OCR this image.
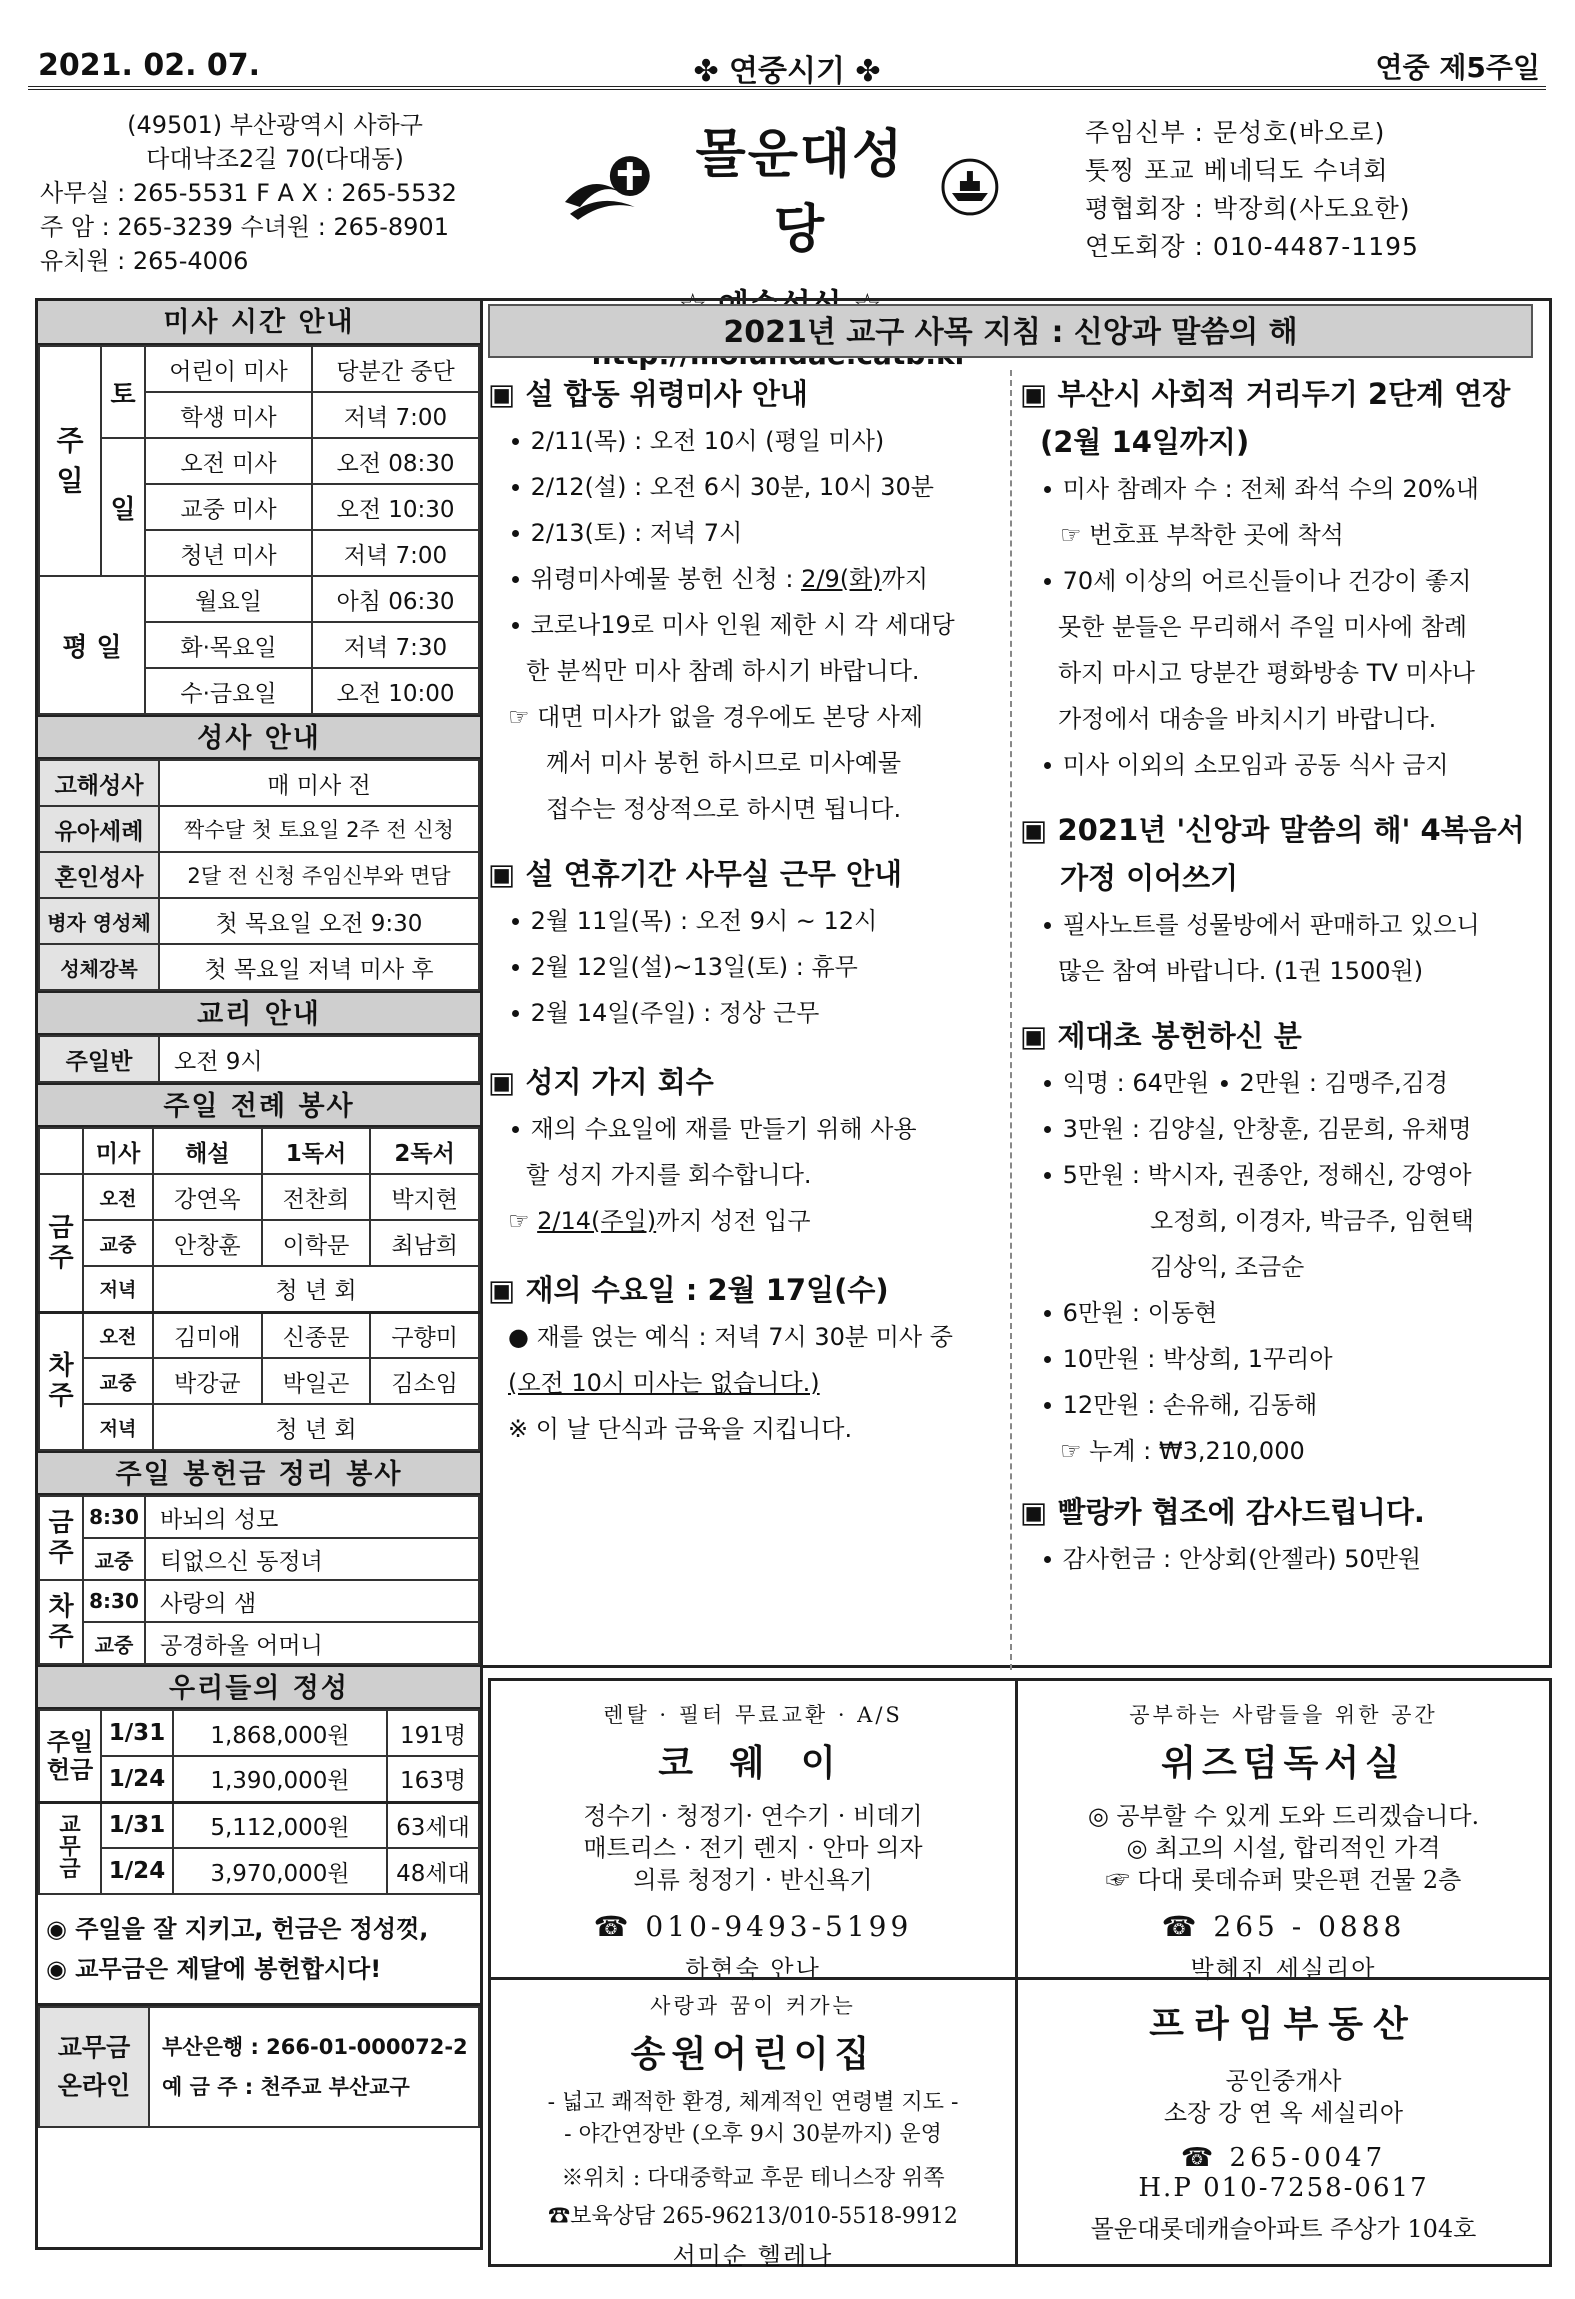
2021. 02. 07.	✤ 연중시기 ✤	연중 제5주일
(49501) 부산광역시 사하구
다대낙조2길 70(다대동)
사무실 : 265-5531 F A X : 265-5532
주 암 : 265-3239 수녀원 : 265-8901
유치원 : 265-4006
몰운대성당
주임신부 : 문성호(바오로)
툿찡 포교 베네딕도 수녀회
평협회장 : 박장희(사도요한)
연도회장 : 010-4487-1195
미사 시간 안내
주
일	토	어린이 미사	당분간 중단
		학생 미사	저녁 7:00
	일	오전 미사	오전 08:30
		교중 미사	오전 10:30
		청년 미사	저녁 7:00
평 일		월요일	아침 06:30
		화·목요일	저녁 7:30
		수·금요일	오전 10:00
성사 안내
고해성사	매 미사 전
유아세례	짝수달 첫 토요일 2주 전 신청
혼인성사	2달 전 신청 주임신부와 면담
병자 영성체	첫 목요일 오전 9:30
성체강복	첫 목요일 저녁 미사 후
교리 안내
주일반	오전 9시
주일 전례 봉사
	미사	해설	1독서	2독서
금
주	오전	강연옥	전찬희	박지현
	교중	안창훈	이학문	최남희
	저녁	청 년 회		
차
주	오전	김미애	신종문	구향미
	교중	박강균	박일곤	김소임
	저녁	청 년 회		
주일 봉헌금 정리 봉사
금
주	8:30	바뇌의 성모
	교중	티없으신 동정녀
차
주	8:30	사랑의 샘
	교중	공경하올 어머니
우리들의 정성
주일
헌금	1/31	1,868,000원	191명
	1/24	1,390,000원	163명
교
무
금	1/31	5,112,000원	63세대
	1/24	3,970,000원	48세대
◉ 주일을 잘 지키고, 헌금은 정성껏,
◉ 교무금은 제달에 봉헌합시다!
교무금
온라인	
부산은행 : 266-01-000072-2
예 금 주 : 천주교 부산교구
2021년 교구 사목 지침 : 신앙과 말씀의 해
▣ 설 합동 위령미사 안내
∙ 2/11(목) : 오전 10시 (평일 미사)
∙ 2/12(설) : 오전 6시 30분, 10시 30분
∙ 2/13(토) : 저녁 7시
∙ 위령미사예물 봉헌 신청 : 2/9(화)까지
∙ 코로나19로 미사 인원 제한 시 각 세대당
한 분씩만 미사 참례 하시기 바랍니다.
☞ 대면 미사가 없을 경우에도 본당 사제
께서 미사 봉헌 하시므로 미사예물
접수는 정상적으로 하시면 됩니다.
▣ 설 연휴기간 사무실 근무 안내
∙ 2월 11일(목) : 오전 9시 ~ 12시
∙ 2월 12일(설)~13일(토) : 휴무
∙ 2월 14일(주일) : 정상 근무
▣ 성지 가지 회수
∙ 재의 수요일에 재를 만들기 위해 사용
할 성지 가지를 회수합니다.
☞ 2/14(주일)까지 성전 입구
▣ 재의 수요일 : 2월 17일(수)
● 재를 얹는 예식 : 저녁 7시 30분 미사 중
(오전 10시 미사는 없습니다.)
※ 이 날 단식과 금육을 지킵니다.
▣ 부산시 사회적 거리두기 2단계 연장
(2월 14일까지)
∙ 미사 참례자 수 : 전체 좌석 수의 20%내
☞ 번호표 부착한 곳에 착석
∙ 70세 이상의 어르신들이나 건강이 좋지
못한 분들은 무리해서 주일 미사에 참례
하지 마시고 당분간 평화방송 TV 미사나
가정에서 대송을 바치시기 바랍니다.
∙ 미사 이외의 소모임과 공동 식사 금지
▣ 2021년 '신앙과 말씀의 해' 4복음서
가정 이어쓰기
∙ 필사노트를 성물방에서 판매하고 있으니
많은 참여 바랍니다. (1권 1500원)
▣ 제대초 봉헌하신 분
∙ 익명 : 64만원 ∙ 2만원 : 김맹주,김경
∙ 3만원 : 김양실, 안창훈, 김문희, 유채명
∙ 5만원 : 박시자, 권종안, 정해신, 강영아
오정희, 이경자, 박금주, 임현택
김상익, 조금순
∙ 6만원 : 이동현
∙ 10만원 : 박상희, 1꾸리아
∙ 12만원 : 손유해, 김동해
☞ 누계 : ₩3,210,000
▣ 빨랑카 협조에 감사드립니다.
∙ 감사헌금 : 안상회(안젤라) 50만원
렌탈 · 필터 무료교환 · A/S
코 웨 이
정수기 · 청정기· 연수기 · 비데기
매트리스 · 전기 렌지 · 안마 의자
의류 청정기 · 반신욕기
☎ 010-9493-5199
하현숙 안나
공부하는 사람들을 위한 공간
위즈덤독서실
◎ 공부할 수 있게 도와 드리겠습니다.
◎ 최고의 시설, 합리적인 가격
☞ 다대 롯데슈퍼 맞은편 건물 2층
☎ 265 - 0888
박혜진 세실리아
사랑과 꿈이 커가는
송원어린이집
- 넓고 쾌적한 환경, 체계적인 연령별 지도 -
- 야간연장반 (오후 9시 30분까지) 운영
※위치 : 다대중학교 후문 테니스장 위쪽
☎보육상담 265-96213/010-5518-9912
서미순 헬레나
프라임부동산
공인중개사
소장 강 연 옥 세실리아
☎ 265-0047
H.P 010-7258-0617
몰운대롯데캐슬아파트 주상가 104호
